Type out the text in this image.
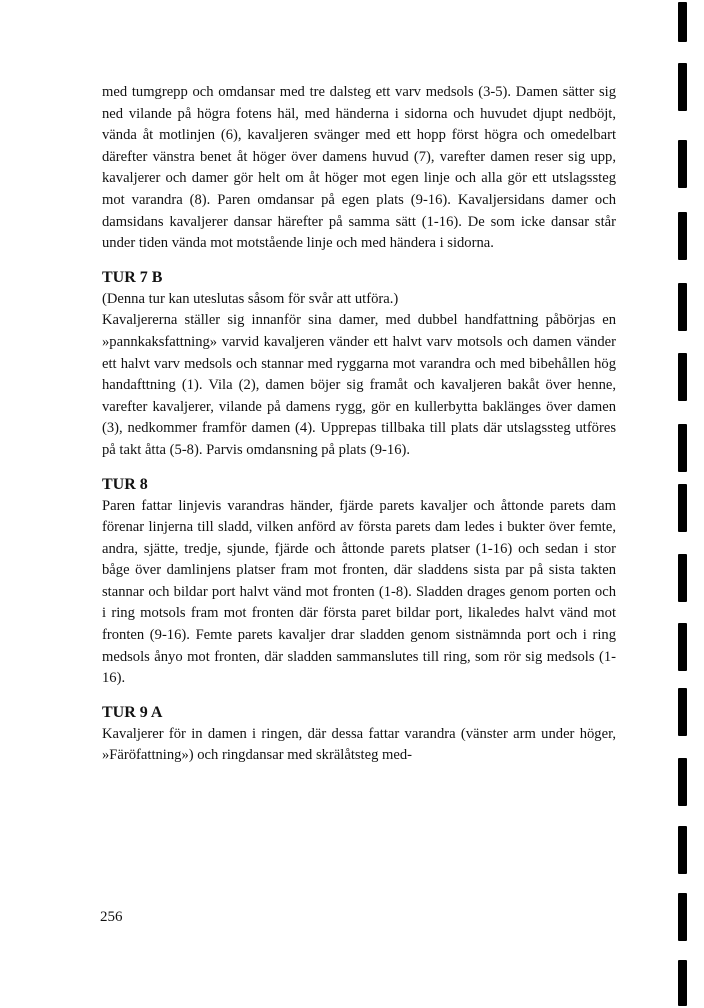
med tumgrepp och omdansar med tre dalsteg ett varv medsols (3-5). Damen sätter sig ned vilande på högra fotens häl, med händerna i sidorna och huvudet djupt nedböjt, vända åt motlinjen (6), kavaljeren svänger med ett hopp först högra och omedelbart därefter vänstra benet åt höger över damens huvud (7), varefter damen reser sig upp, kavaljerer och damer gör helt om åt höger mot egen linje och alla gör ett utslagssteg mot varandra (8). Paren omdansar på egen plats (9-16). Kavaljersidans damer och damsidans kavaljerer dansar härefter på samma sätt (1-16). De som icke dansar står under tiden vända mot motstående linje och med händera i sidorna.

TUR 7 B

(Denna tur kan uteslutas såsom för svår att utföra.)

Kavaljererna ställer sig innanför sina damer, med dubbel handfattning påbörjas en »pannkaksfattning» varvid kavaljeren vänder ett halvt varv motsols och damen vänder ett halvt varv medsols och stannar med ryggarna mot varandra och med bibehållen hög handafttning (1). Vila (2), damen böjer sig framåt och kavaljeren bakåt över henne, varefter kavaljerer, vilande på damens rygg, gör en kullerbytta baklänges över damen (3), nedkommer framför damen (4). Upprepas tillbaka till plats där utslagssteg utföres på takt åtta (5-8). Parvis omdansning på plats (9-16).

TUR 8

Paren fattar linjevis varandras händer, fjärde parets kavaljer och åttonde parets dam förenar linjerna till sladd, vilken anförd av första parets dam ledes i bukter över femte, andra, sjätte, tredje, sjunde, fjärde och åttonde parets platser (1-16) och sedan i stor båge över damlinjens platser fram mot fronten, där sladdens sista par på sista takten stannar och bildar port halvt vänd mot fronten (1-8). Sladden drages genom porten och i ring motsols fram mot fronten där första paret bildar port, likaledes halvt vänd mot fronten (9-16). Femte parets kavaljer drar sladden genom sistnämnda port och i ring medsols ånyo mot fronten, där sladden sammanslutes till ring, som rör sig medsols (1-16).

TUR 9 A

Kavaljerer för in damen i ringen, där dessa fattar varandra (vänster arm under höger, »Färöfattning») och ringdansar med skrälåtsteg med-

256
